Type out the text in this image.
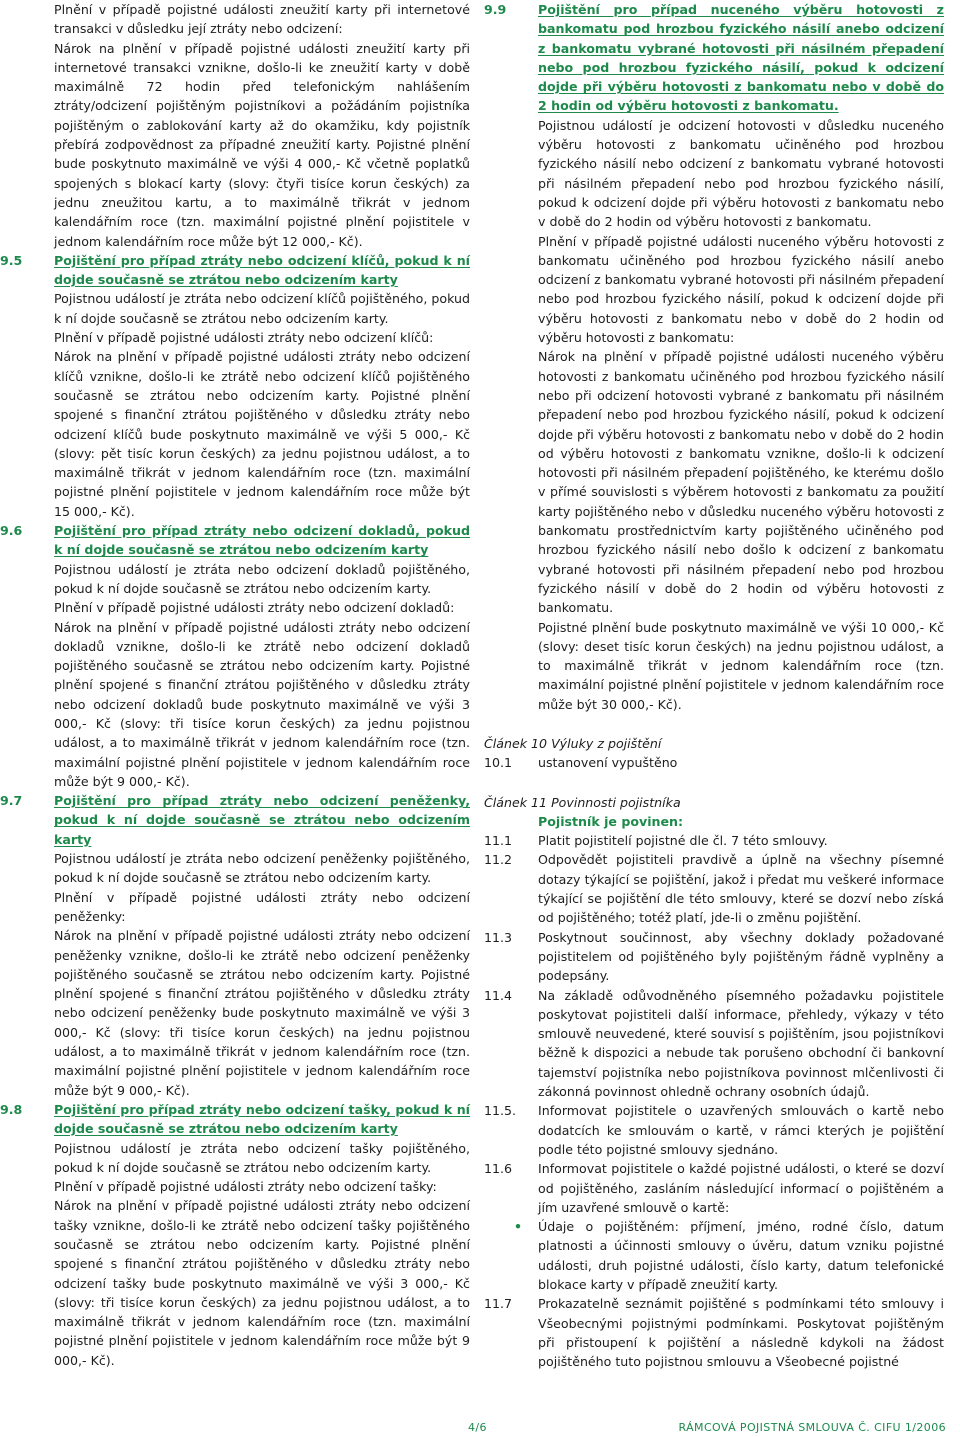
Plnění v případě pojistné události zneužití karty při internetové transakci v důsledku její ztráty nebo odcizení:

Nárok na plnění v případě pojistné události zneužití karty při internetové transakci vznikne, došlo-li ke zneužití karty v době maximálně 72 hodin před telefonickým nahlášením ztráty/odcizení pojištěným pojistníkovi a požádáním pojistníka pojištěným o zablokování karty až do okamžiku, kdy pojistník přebírá zodpovědnost za případné zneužití karty. Pojistné plnění bude poskytnuto maximálně ve výši 4 000,- Kč včetně poplatků spojených s blokací karty (slovy: čtyři tisíce korun českých) za jednu zneužitou kartu, a to maximálně třikrát v jednom kalendářním roce (tzn. maximální pojistné plnění pojistitele v jednom kalendářním roce může být 12 000,- Kč).

9.5	Pojištění pro případ ztráty nebo odcizení klíčů, pokud k ní dojde současně se ztrátou nebo odcizením karty

Pojistnou událostí je ztráta nebo odcizení klíčů pojištěného, pokud k ní dojde současně se ztrátou nebo odcizením karty.

Plnění v případě pojistné události ztráty nebo odcizení klíčů:

Nárok na plnění v případě pojistné události ztráty nebo odcizení klíčů vznikne, došlo-li ke ztrátě nebo odcizení klíčů pojištěného současně se ztrátou nebo odcizením karty. Pojistné plnění spojené s finanční ztrátou pojištěného v důsledku ztráty nebo odcizení klíčů bude poskytnuto maximálně ve výši 5 000,- Kč (slovy: pět tisíc korun českých) za jednu pojistnou událost, a to maximálně třikrát v jednom kalendářním roce (tzn. maximální pojistné plnění pojistitele v jednom kalendářním roce může být 15 000,- Kč).

9.6	Pojištění pro případ ztráty nebo odcizení dokladů, pokud k ní dojde současně se ztrátou nebo odcizením karty

Pojistnou událostí je ztráta nebo odcizení dokladů pojištěného, pokud k ní dojde současně se ztrátou nebo odcizením karty.

Plnění v případě pojistné události ztráty nebo odcizení dokladů:

Nárok na plnění v případě pojistné události ztráty nebo odcizení dokladů vznikne, došlo-li ke ztrátě nebo odcizení dokladů pojištěného současně se ztrátou nebo odcizením karty. Pojistné plnění spojené s finanční ztrátou pojištěného v důsledku ztráty nebo odcizení dokladů bude poskytnuto maximálně ve výši 3 000,- Kč (slovy: tři tisíce korun českých) za jednu pojistnou událost, a to maximálně třikrát v jednom kalendářním roce (tzn. maximální pojistné plnění pojistitele v jednom kalendářním roce může být 9 000,- Kč).

9.7	Pojištění pro případ ztráty nebo odcizení peněženky, pokud k ní dojde současně se ztrátou nebo odcizením karty

Pojistnou událostí je ztráta nebo odcizení peněženky pojištěného, pokud k ní dojde současně se ztrátou nebo odcizením karty.

Plnění v případě pojistné události ztráty nebo odcizení peněženky:

Nárok na plnění v případě pojistné události ztráty nebo odcizení peněženky vznikne, došlo-li ke ztrátě nebo odcizení peněženky pojištěného současně se ztrátou nebo odcizením karty. Pojistné plnění spojené s finanční ztrátou pojištěného v důsledku ztráty nebo odcizení peněženky bude poskytnuto maximálně ve výši 3 000,- Kč (slovy: tři tisíce korun českých) na jednu pojistnou událost, a to maximálně třikrát v jednom kalendářním roce (tzn. maximální pojistné plnění pojistitele v jednom kalendářním roce může být 9 000,- Kč).

9.8	Pojištění pro případ ztráty nebo odcizení tašky, pokud k ní dojde současně se ztrátou nebo odcizením karty

Pojistnou událostí je ztráta nebo odcizení tašky pojištěného, pokud k ní dojde současně se ztrátou nebo odcizením karty.

Plnění v případě pojistné události ztráty nebo odcizení tašky:

Nárok na plnění v případě pojistné události ztráty nebo odcizení tašky vznikne, došlo-li ke ztrátě nebo odcizení tašky pojištěného současně se ztrátou nebo odcizením karty. Pojistné plnění spojené s finanční ztrátou pojištěného v důsledku ztráty nebo odcizení tašky bude poskytnuto maximálně ve výši 3 000,- Kč (slovy: tři tisíce korun českých) za jednu pojistnou událost, a to maximálně třikrát v jednom kalendářním roce (tzn. maximální pojistné plnění pojistitele v jednom kalendářním roce může být 9 000,- Kč).

9.9	Pojištění pro případ nuceného výběru hotovosti z bankomatu pod hrozbou fyzického násilí anebo odcizení z bankomatu vybrané hotovosti při násilném přepadení nebo pod hrozbou fyzického násilí, pokud k odcizení dojde při výběru hotovosti z bankomatu nebo v době do 2 hodin od výběru hotovosti z bankomatu.

Pojistnou událostí je odcizení hotovosti v důsledku nuceného výběru hotovosti z bankomatu učiněného pod hrozbou fyzického násilí nebo odcizení z bankomatu vybrané hotovosti při násilném přepadení nebo pod hrozbou fyzického násilí, pokud k odcizení dojde při výběru hotovosti z bankomatu nebo v době do 2 hodin od výběru hotovosti z bankomatu.

Plnění v případě pojistné události nuceného výběru hotovosti z bankomatu učiněného pod hrozbou fyzického násilí anebo odcizení z bankomatu vybrané hotovosti při násilném přepadení nebo pod hrozbou fyzického násilí, pokud k odcizení dojde při výběru hotovosti z bankomatu nebo v době do 2 hodin od výběru hotovosti z bankomatu:

Nárok na plnění v případě pojistné události nuceného výběru hotovosti z bankomatu učiněného pod hrozbou fyzického násilí nebo při odcizení hotovosti vybrané z bankomatu při násilném přepadení nebo pod hrozbou fyzického násilí, pokud k odcizení dojde při výběru hotovosti z bankomatu nebo v době do 2 hodin od výběru hotovosti z bankomatu vznikne, došlo-li k odcizení hotovosti při násilném přepadení pojištěného, ke kterému došlo v přímé souvislosti s výběrem hotovosti z bankomatu za použití karty pojištěného nebo v důsledku nuceného výběru hotovosti z bankomatu prostřednictvím karty pojištěného učiněného pod hrozbou fyzického násilí nebo došlo k odcizení z bankomatu vybrané hotovosti při násilném přepadení nebo pod hrozbou fyzického násilí v době do 2 hodin od výběru hotovosti z bankomatu.

Pojistné plnění bude poskytnuto maximálně ve výši 10 000,- Kč (slovy: deset tisíc korun českých) na jednu pojistnou událost, a to maximálně třikrát v jednom kalendářním roce (tzn. maximální pojistné plnění pojistitele v jednom kalendářním roce může být 30 000,- Kč).

Článek 10 Výluky z pojištění

10.1	ustanovení vypuštěno

Článek 11 Povinnosti pojistníka

Pojistník je povinen:

11.1	Platit pojistitelí pojistné dle čl. 7 této smlouvy.

11.2	Odpovědět pojistiteli pravdivě a úplně na všechny písemné dotazy týkající se pojištění, jakož i předat mu veškeré informace týkající se pojištění dle této smlouvy, které se dozví nebo získá od pojištěného; totéž platí, jde-li o změnu pojištění.

11.3	Poskytnout součinnost, aby všechny doklady požadované pojistitelem od pojištěného byly pojištěným řádně vyplněny a podepsány.

11.4	Na základě odůvodněného písemného požadavku pojistitele poskytovat pojistiteli další informace, přehledy, výkazy v této smlouvě neuvedené, které souvisí s pojištěním, jsou pojistníkovi běžně k dispozici a nebude tak porušeno obchodní či bankovní tajemství pojistníka nebo pojistníkova povinnost mlčenlivosti či zákonná povinnost ohledně ochrany osobních údajů.

11.5.	Informovat pojistitele o uzavřených smlouvách o kartě nebo dodatcích ke smlouvám o kartě, v rámci kterých je pojištění podle této pojistné smlouvy sjednáno.

11.6	Informovat pojistitele o každé pojistné události, o které se dozví od pojištěného, zasláním následující informací o pojištěném a jím uzavřené smlouvě o kartě:

• Údaje o pojištěném: příjmení, jméno, rodné číslo, datum platnosti a účinnosti smlouvy o úvěru, datum vzniku pojistné události, druh pojistné události, číslo karty, datum telefonické blokace karty v případě zneužití karty.

11.7	Prokazatelně seznámit pojištěné s podmínkami této smlouvy i Všeobecnými pojistnými podmínkami. Poskytovat pojištěným při přistoupení k pojištění a následně kdykoli na žádost pojištěného tuto pojistnou smlouvu a Všeobecné pojistné

4/6	RÁMCOVÁ POJISTNÁ SMLOUVA Č. CIFU 1/2006
